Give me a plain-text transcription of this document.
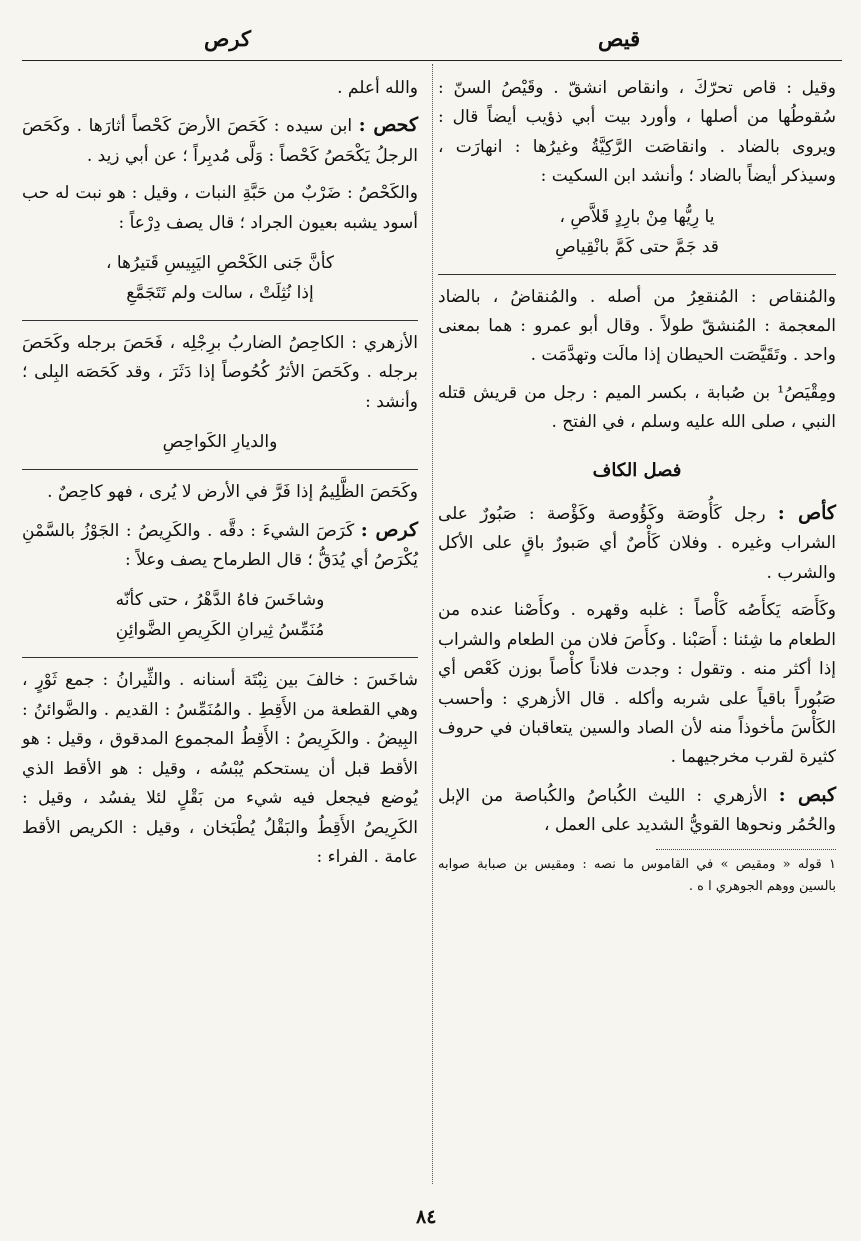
قيص
كرص

وقيل : قاص تحرّكَ ، وانقاص انشقّ . وقَيْصُ السنّ : سُقوطُها من أصلها ، وأورد بيت أبي ذؤيب أيضاً قال : ويروى بالضاد . وانقاصَت الرَّكِيَّةُ وغيرُها : انهارَت ، وسيذكر أيضاً بالضاد ؛ وأنشد ابن السكيت :

يا رِيُّها مِنْ بارِدٍ قَلاَّصِ ،
قد جَمَّ حتى كَمَّ بانْقِياصِ

والمُنقاص : المُنقعِرُ من أصله . والمُنقاضُ ، بالضاد المعجمة : المُنشقّ طولاً . وقال أبو عمرو : هما بمعنى واحد . وتَقَيَّصَت الحيطان إذا مالَت وتهدَّمَت .

ومِقْيَصُ¹ بن صُبابة ، بكسر الميم : رجل من قريش قتله النبي ، صلى الله عليه وسلم ، في الفتح .

فصل الكاف

كأص : رجل كَأُوصَة وكَؤُوصة وكَؤْصة : صَبُورٌ على الشراب وغيره . وفلان كَأْصٌ أي صَبورٌ باقٍ على الأكل والشرب .

وكَأَصَه يَكأَصُه كَأْصاً : غلبه وقهره . وكأَصْنا عنده من الطعام ما شِئنا : أَصَبْنا . وكأَصَ فلان من الطعام والشراب إذا أكثر منه . وتقول : وجدت فلاناً كأْصاً بوزن كَعْص أي صَبُوراً باقياً على شربه وأكله . قال الأزهري : وأحسب الكَأْسَ مأخوذاً منه لأن الصاد والسين يتعاقبان في حروف كثيرة لقرب مخرجيهما .

كبص : الأزهري : الليث الكُباصُ والكُباصة من الإبل والحُمُر ونحوها القويُّ الشديد على العمل ،

١ قوله « ومقيص » في القاموس ما نصه : ومقيس بن صبابة صوابه بالسين ووهم الجوهري ا ه .

والله أعلم .

كحص : ابن سيده : كَحَصَ الأرضَ كَحْصاً أثارَها . وكَحَصَ الرجلُ يَكْحَصُ كَحْصاً : وَلَّى مُدبِراً ؛ عن أبي زيد .

والكَحْصُ : ضَرْبٌ من حَبَّةِ النبات ، وقيل : هو نبت له حب أسود يشبه بعيون الجراد ؛ قال يصف دِرْعاً :

كأنَّ جَنى الكَحْصِ اليَبِيسِ قَتيرُها ،
إذا نُثِلَتْ ، سالت ولم تَتَجَمَّعِ

الأزهري : الكاحِصُ الضاربُ برِجْلِه ، فَحَصَ برجله وكَحَصَ برجله . وكَحَصَ الأثرُ كُحُوصاً إذا دَثَرَ ، وقد كَحَصَه البِلى ؛ وأنشد :

والديارِ الكَواحِصِ

وكَحَصَ الظَّلِيمُ إذا فَرَّ في الأرض لا يُرى ، فهو كاحِصٌ .

كرص : كَرَصَ الشيءَ : دقَّه . والكَرِيصُ : الجَوْزُ بالسَّمْنِ يُكْرَصُ أي يُدَقُّ ؛ قال الطرماح يصف وعلاً :

وشاخَسَ فاهُ الدَّهْرُ ، حتى كأنّه
مُنَمِّسُ ثِيرانِ الكَرِيصِ الضَّوائِنِ

شاخَسَ : خالفَ بين نِبْتَة أسنانه . والثِّيرانُ : جمع ثَوْرٍ ، وهي القطعة من الأَقِطِ . والمُنَمِّسُ : القديم . والضَّوائنُ : البِيضُ . والكَرِيصُ : الأَقِطُ المجموع المدقوق ، وقيل : هو الأقط قبل أن يستحكم يُبْسُه ، وقيل : هو الأقط الذي يُوضع فيجعل فيه شيء من بَقْلٍ لئلا يفسُد ، وقيل : الكَرِيصُ الأَقِطُ والبَقْلُ يُطْبَخان ، وقيل : الكريص الأقط عامة . الفراء :

٨٤
